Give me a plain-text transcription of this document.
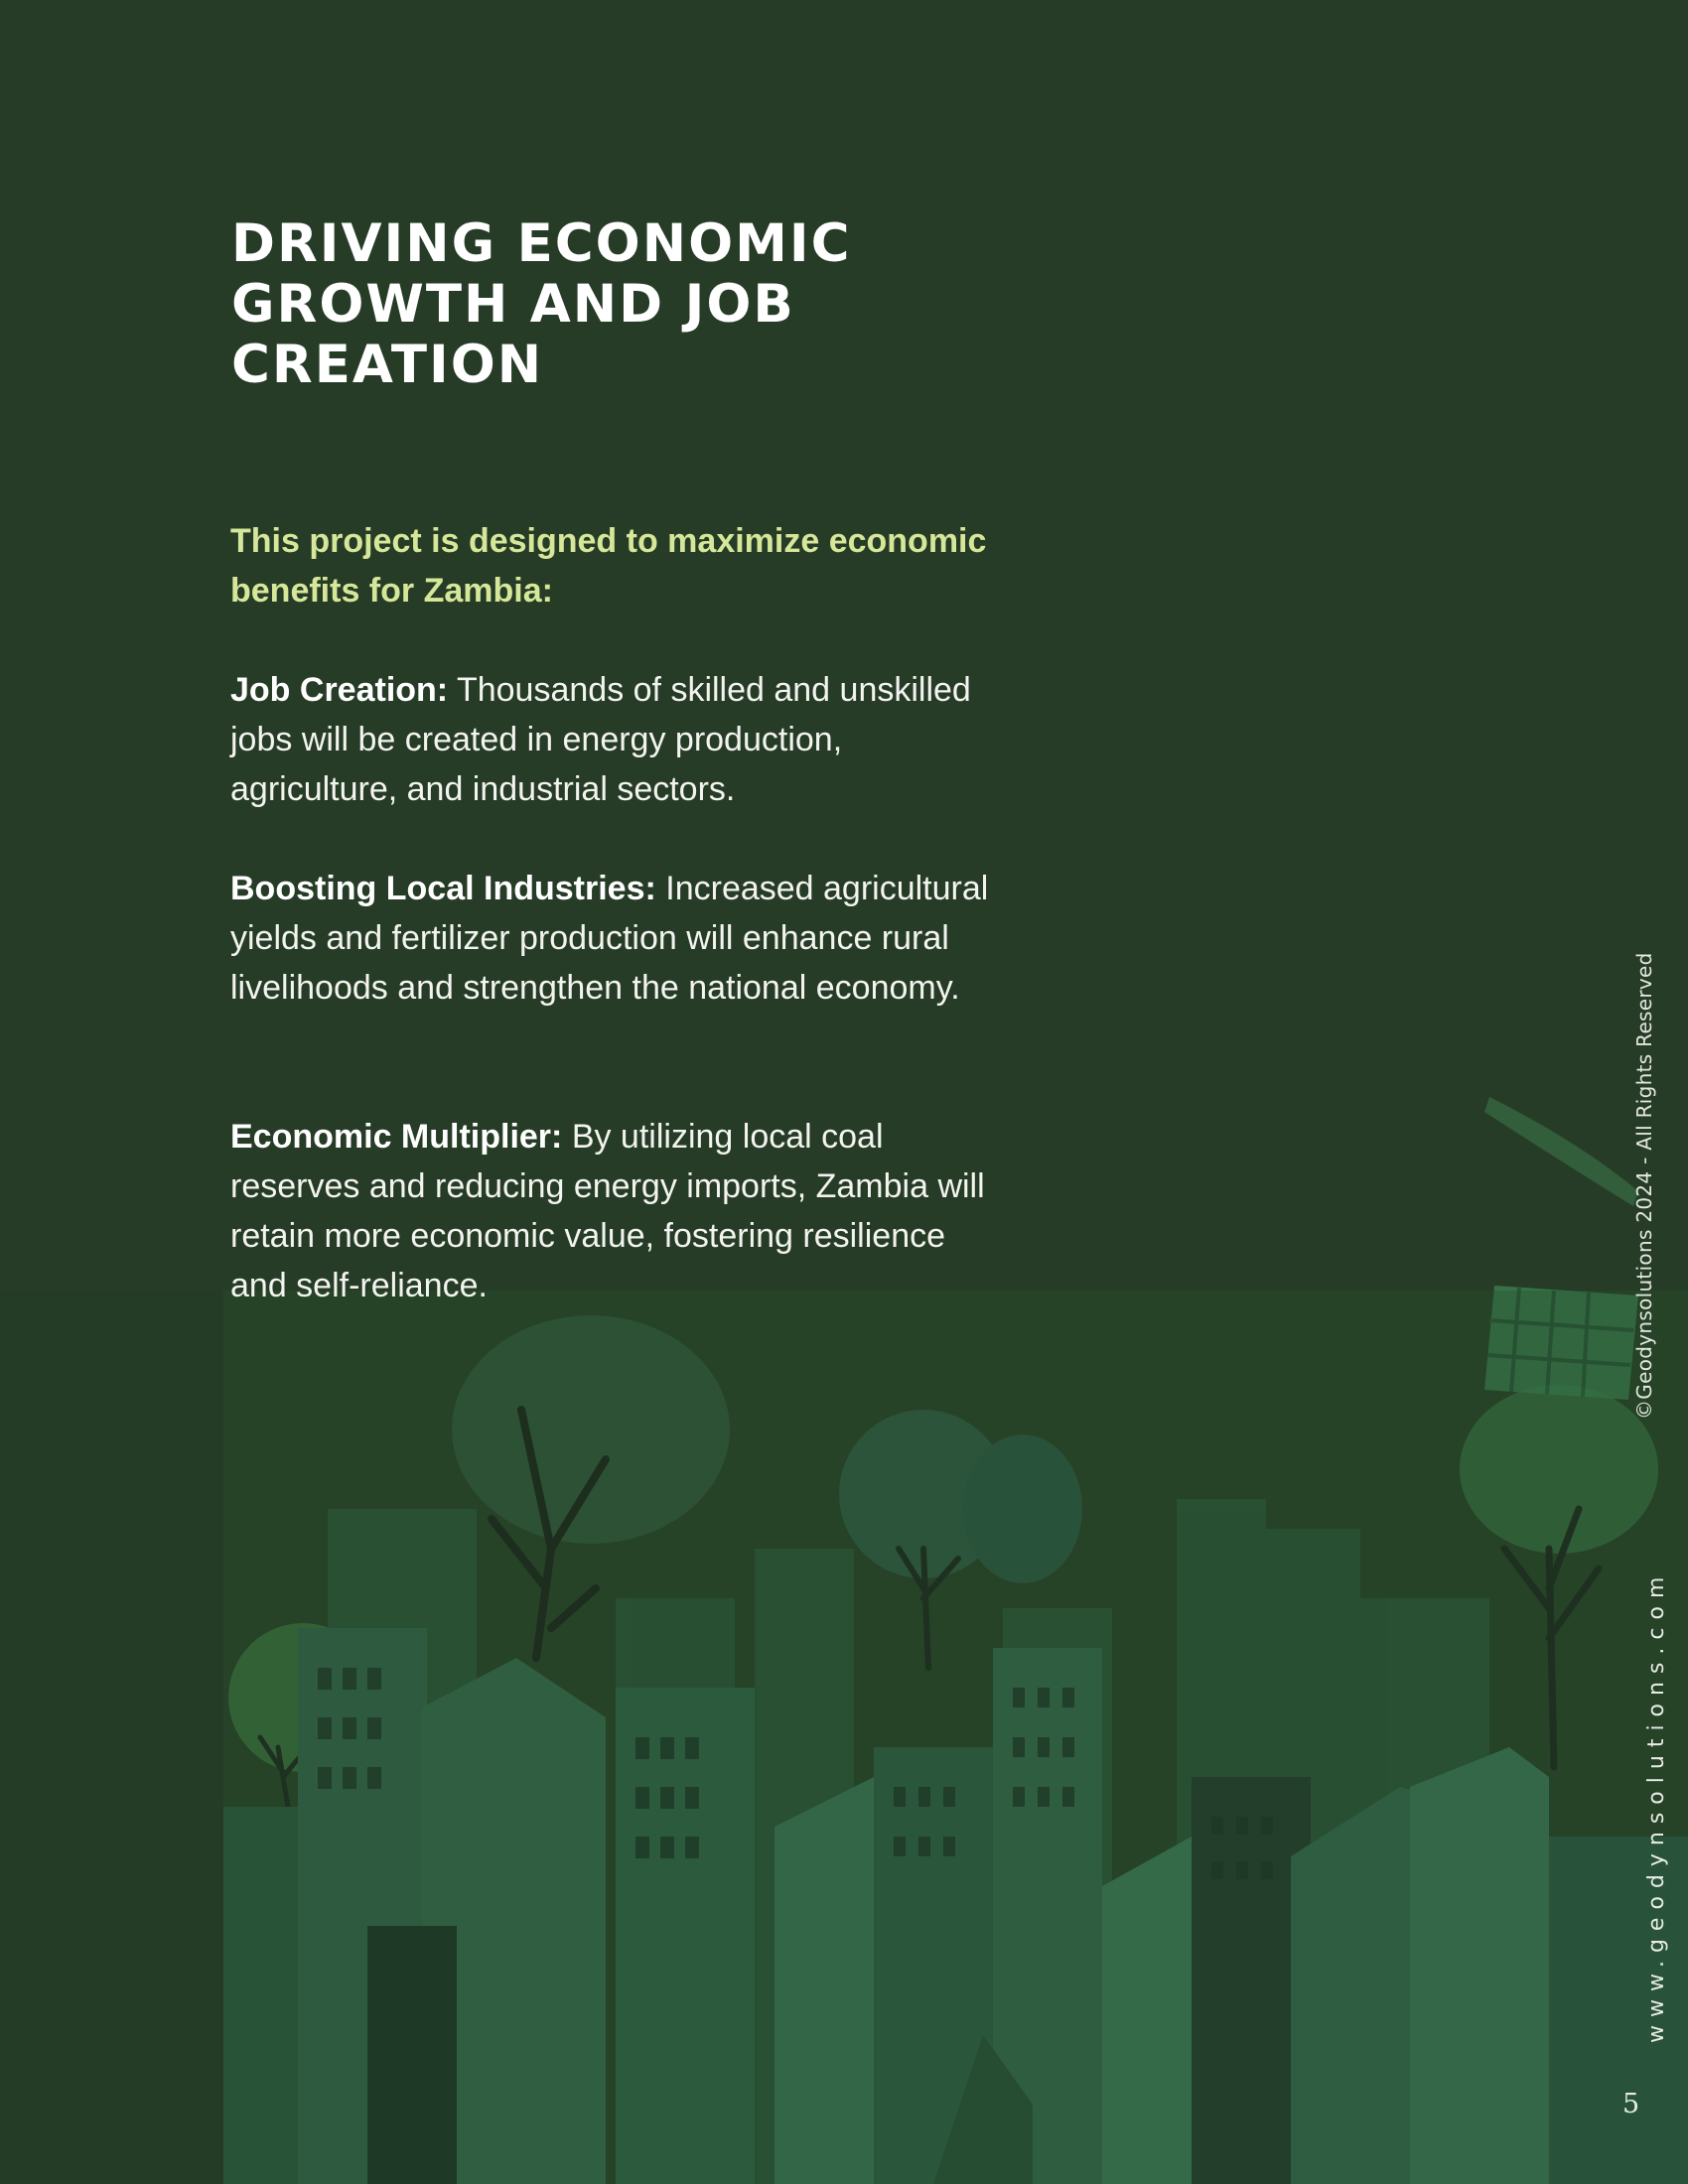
DRIVING ECONOMIC GROWTH AND JOB CREATION

This project is designed to maximize economic benefits for Zambia:

Job Creation: Thousands of skilled and unskilled jobs will be created in energy production, agriculture, and industrial sectors.

Boosting Local Industries: Increased agricultural yields and fertilizer production will enhance rural livelihoods and strengthen the national economy.

Economic Multiplier: By utilizing local coal reserves and reducing energy imports, Zambia will retain more economic value, fostering resilience and self-reliance.	©Geodynsolutions 2024 - All Rights Reserved
www.geodynsolutions.com
5
